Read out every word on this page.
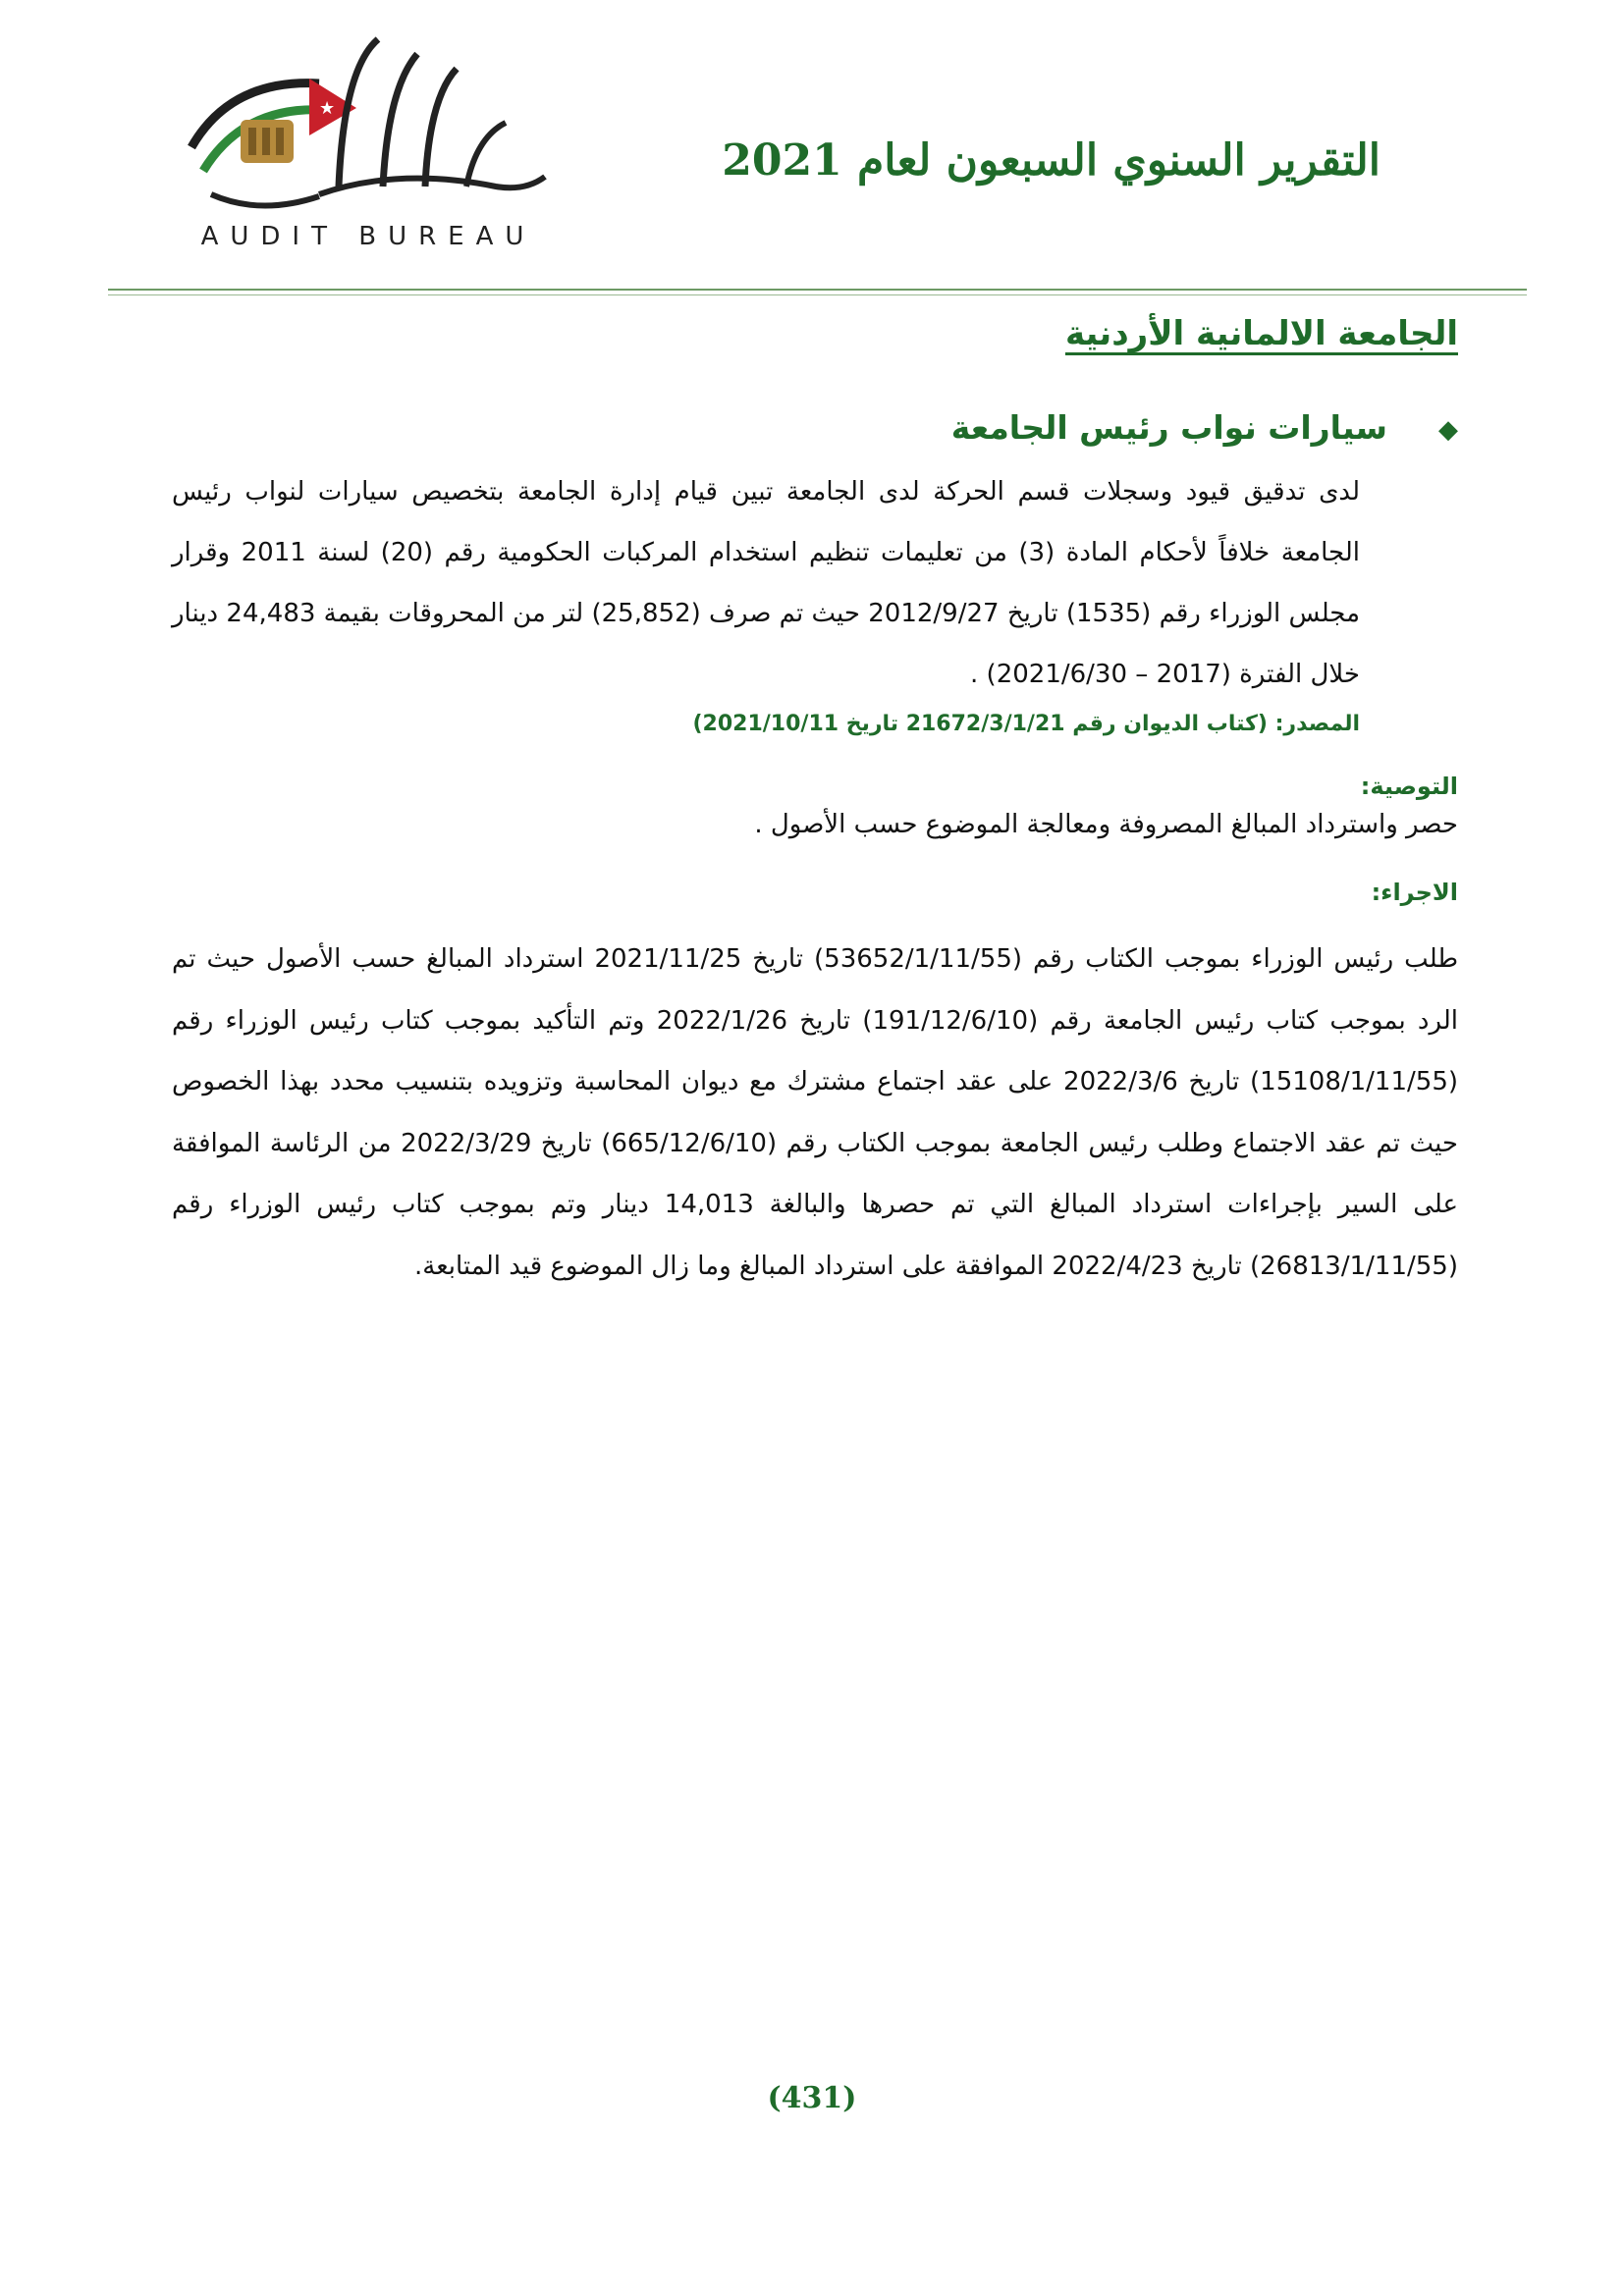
★
AUDIT BUREAU
التقرير السنوي السبعون لعام 2021
الجامعة الالمانية الأردنية
◆سيارات نواب رئيس الجامعة
لدى تدقيق قيود وسجلات قسم الحركة لدى الجامعة تبين قيام إدارة الجامعة بتخصيص سيارات لنواب رئيس الجامعة خلافاً لأحكام المادة (3) من تعليمات تنظيم استخدام المركبات الحكومية رقم (20) لسنة 2011 وقرار مجلس الوزراء رقم (1535) تاريخ 2012/9/27 حيث تم صرف (25,852) لتر من المحروقات بقيمة 24,483 دينار خلال الفترة (2017 – 2021/6/30) .
المصدر: (كتاب الديوان رقم 21672/3/1/21 تاريخ 2021/10/11)
التوصية:
حصر واسترداد المبالغ المصروفة ومعالجة الموضوع حسب الأصول .
الاجراء:
طلب رئيس الوزراء بموجب الكتاب رقم (53652/1/11/55) تاريخ 2021/11/25 استرداد المبالغ حسب الأصول حيث تم الرد بموجب كتاب رئيس الجامعة رقم (191/12/6/10) تاريخ 2022/1/26 وتم التأكيد بموجب كتاب رئيس الوزراء رقم (15108/1/11/55) تاريخ 2022/3/6 على عقد اجتماع مشترك مع ديوان المحاسبة وتزويده بتنسيب محدد بهذا الخصوص حيث تم عقد الاجتماع وطلب رئيس الجامعة بموجب الكتاب رقم (665/12/6/10) تاريخ 2022/3/29 من الرئاسة الموافقة على السير بإجراءات استرداد المبالغ التي تم حصرها والبالغة 14,013 دينار وتم بموجب كتاب رئيس الوزراء رقم (26813/1/11/55) تاريخ 2022/4/23 الموافقة على استرداد المبالغ وما زال الموضوع قيد المتابعة.
(431)
